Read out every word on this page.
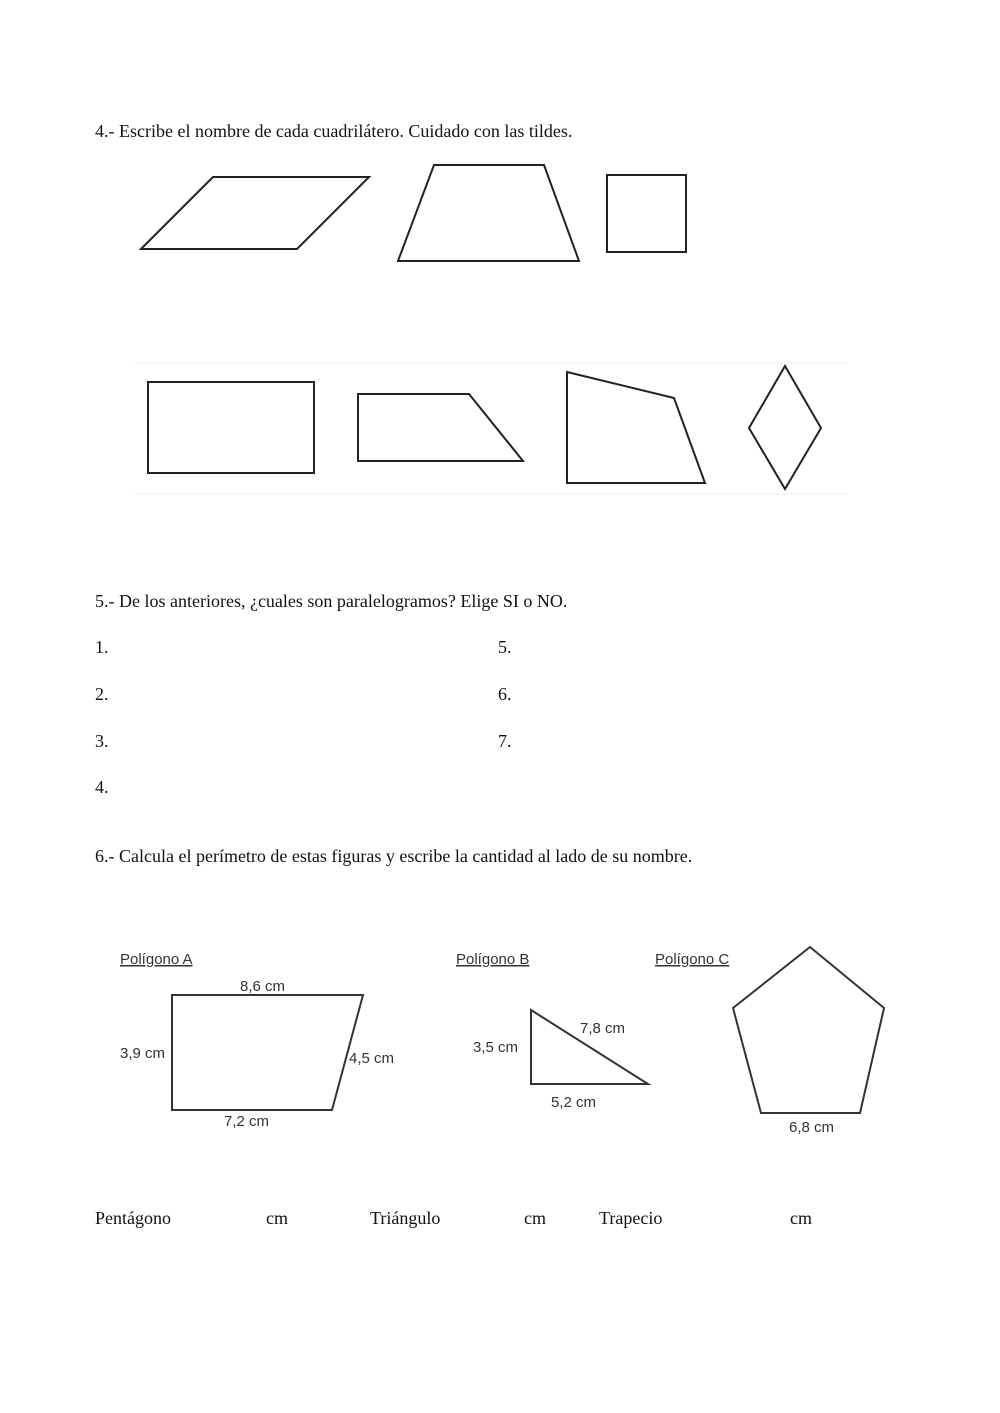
4.- Escribe el nombre de cada cuadrilátero. Cuidado con las tildes.
Polígono A	Polígono B	Polígono C
8,6 cm
3,9 cm	4,5 cm
7,2 cm
7,8 cm
3,5 cm
5,2 cm
6,8 cm
5.- De los anteriores, ¿cuales son paralelogramos? Elige SI o NO.
1.
2.
3.
4.
5.
6.
7.
6.- Calcula el perímetro de estas figuras y escribe la cantidad al lado de su nombre.
Pentágono	cm	Triángulo	cm	Trapecio	cm
